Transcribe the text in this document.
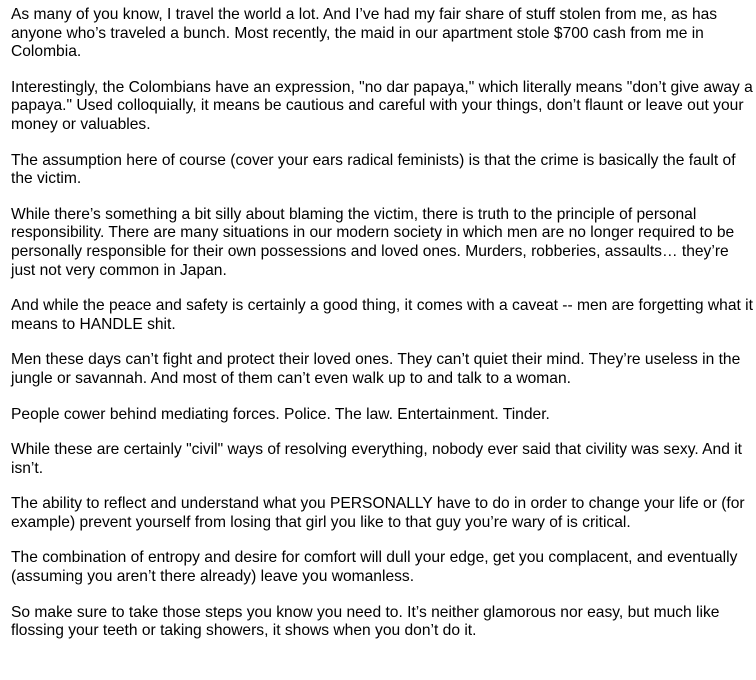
As many of you know, I travel the world a lot. And I’ve had my fair share of stuff stolen from me, as has anyone who’s traveled a bunch. Most recently, the maid in our apartment stole $700 cash from me in Colombia.

Interestingly, the Colombians have an expression, "no dar papaya," which literally means "don’t give away a papaya." Used colloquially, it means be cautious and careful with your things, don’t flaunt or leave out your money or valuables.

The assumption here of course (cover your ears radical feminists) is that the crime is basically the fault of the victim.

While there’s something a bit silly about blaming the victim, there is truth to the principle of personal responsibility. There are many situations in our modern society in which men are no longer required to be personally responsible for their own possessions and loved ones. Murders, robberies, assaults… they’re just not very common in Japan.

And while the peace and safety is certainly a good thing, it comes with a caveat -- men are forgetting what it means to HANDLE shit.

Men these days can’t fight and protect their loved ones. They can’t quiet their mind. They’re useless in the jungle or savannah. And most of them can’t even walk up to and talk to a woman.

People cower behind mediating forces. Police. The law. Entertainment. Tinder.

While these are certainly "civil" ways of resolving everything, nobody ever said that civility was sexy. And it isn’t.

The ability to reflect and understand what you PERSONALLY have to do in order to change your life or (for example) prevent yourself from losing that girl you like to that guy you’re wary of is critical.

The combination of entropy and desire for comfort will dull your edge, get you complacent, and eventually (assuming you aren’t there already) leave you womanless.

So make sure to take those steps you know you need to. It’s neither glamorous nor easy, but much like flossing your teeth or taking showers, it shows when you don’t do it.
